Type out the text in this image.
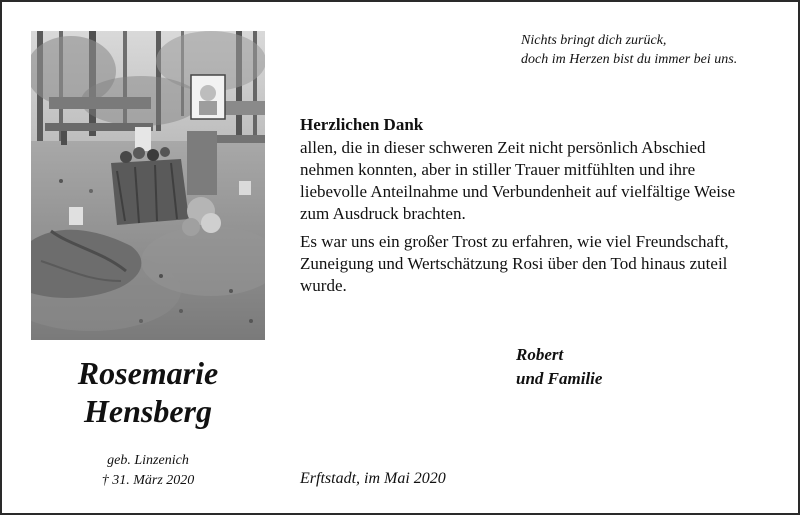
Nichts bringt dich zurück,
doch im Herzen bist du immer bei uns.
Herzlichen Dank
allen, die in dieser schweren Zeit nicht persönlich Abschied
nehmen konnten, aber in stiller Trauer mitfühlten und ihre
liebevolle Anteilnahme und Verbundenheit auf vielfältige Weise
zum Ausdruck brachten.
Es war uns ein großer Trost zu erfahren, wie viel Freundschaft,
Zuneigung und Wertschätzung Rosi über den Tod hinaus zuteil
wurde.
Robert
und Familie
Rosemarie
Hensberg
geb. Linzenich
† 31. März 2020	Erftstadt, im Mai 2020
